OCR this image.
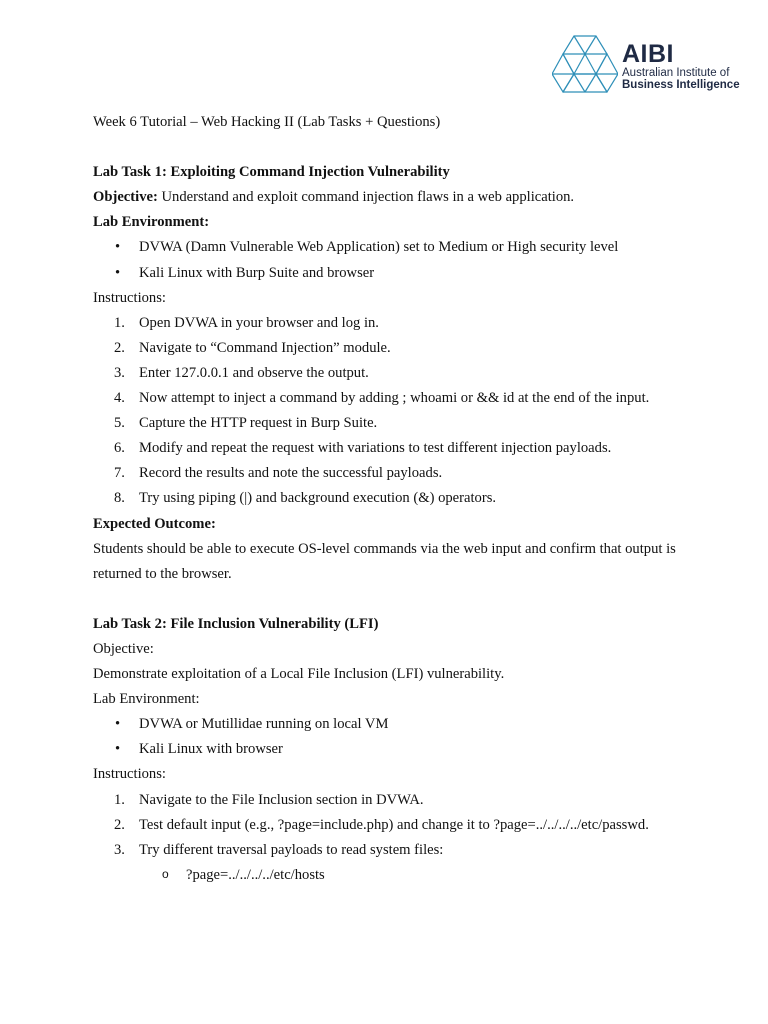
AIBI
Australian Institute of
Business Intelligence

Week 6 Tutorial – Web Hacking II (Lab Tasks + Questions)

Lab Task 1: Exploiting Command Injection Vulnerability

Objective: Understand and exploit command injection flaws in a web application.

Lab Environment:

• DVWA (Damn Vulnerable Web Application) set to Medium or High security level
• Kali Linux with Burp Suite and browser

Instructions:

1. Open DVWA in your browser and log in.
2. Navigate to “Command Injection” module.
3. Enter 127.0.0.1 and observe the output.
4. Now attempt to inject a command by adding ; whoami or && id at the end of the input.
5. Capture the HTTP request in Burp Suite.
6. Modify and repeat the request with variations to test different injection payloads.
7. Record the results and note the successful payloads.
8. Try using piping (|) and background execution (&) operators.

Expected Outcome:

Students should be able to execute OS-level commands via the web input and confirm that output is returned to the browser.

Lab Task 2: File Inclusion Vulnerability (LFI)

Objective:

Demonstrate exploitation of a Local File Inclusion (LFI) vulnerability.

Lab Environment:

• DVWA or Mutillidae running on local VM
• Kali Linux with browser

Instructions:

1. Navigate to the File Inclusion section in DVWA.
2. Test default input (e.g., ?page=include.php) and change it to ?page=../../../../etc/passwd.
3. Try different traversal payloads to read system files:
o ?page=../../../../etc/hosts
